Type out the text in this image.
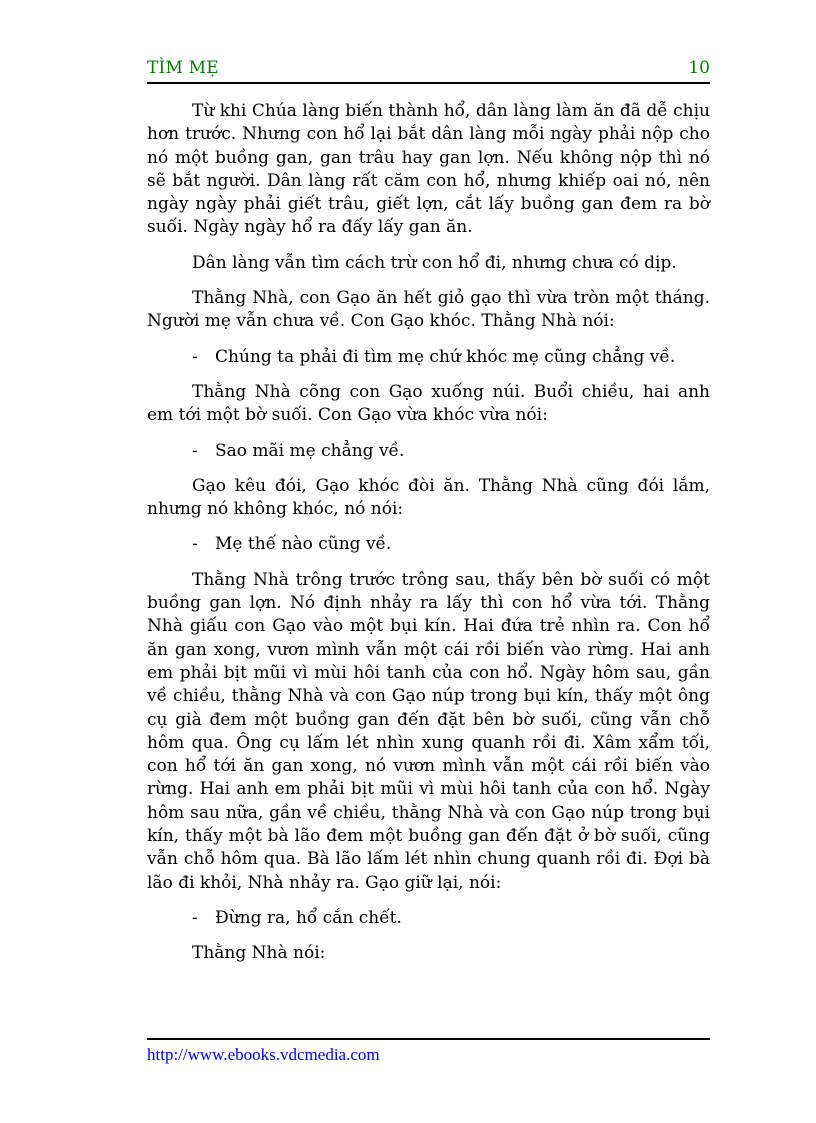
TÌM MẸ	10

Từ khi Chúa làng biến thành hổ, dân làng làm ăn đã dễ chịu hơn trước. Nhưng con hổ lại bắt dân làng mỗi ngày phải nộp cho nó một buồng gan, gan trâu hay gan lợn. Nếu không nộp thì nó sẽ bắt người. Dân làng rất căm con hổ, nhưng khiếp oai nó, nên ngày ngày phải giết trâu, giết lợn, cắt lấy buồng gan đem ra bờ suối. Ngày ngày hổ ra đấy lấy gan ăn.

Dân làng vẫn tìm cách trừ con hổ đi, nhưng chưa có dịp.

Thằng Nhà, con Gạo ăn hết giỏ gạo thì vừa tròn một tháng. Người mẹ vẫn chưa về. Con Gạo khóc. Thằng Nhà nói:

-	Chúng ta phải đi tìm mẹ chứ khóc mẹ cũng chẳng về.

Thằng Nhà cõng con Gạo xuống núi. Buổi chiều, hai anh em tới một bờ suối. Con Gạo vừa khóc vừa nói:

-	Sao mãi mẹ chẳng về.

Gạo kêu đói, Gạo khóc đòi ăn. Thằng Nhà cũng đói lắm, nhưng nó không khóc, nó nói:

-	Mẹ thế nào cũng về.

Thằng Nhà trông trước trông sau, thấy bên bờ suối có một buồng gan lợn. Nó định nhảy ra lấy thì con hổ vừa tới. Thằng Nhà giấu con Gạo vào một bụi kín. Hai đứa trẻ nhìn ra. Con hổ ăn gan xong, vươn mình vẫn một cái rồi biến vào rừng. Hai anh em phải bịt mũi vì mùi hôi tanh của con hổ. Ngày hôm sau, gần về chiều, thằng Nhà và con Gạo núp trong bụi kín, thấy một ông cụ già đem một buồng gan đến đặt bên bờ suối, cũng vẫn chỗ hôm qua. Ông cụ lấm lét nhìn xung quanh rồi đi. Xâm xẩm tối, con hổ tới ăn gan xong, nó vươn mình vẫn một cái rồi biến vào rừng. Hai anh em phải bịt mũi vì mùi hôi tanh của con hổ. Ngày hôm sau nữa, gần về chiều, thằng Nhà và con Gạo núp trong bụi kín, thấy một bà lão đem một buồng gan đến đặt ở bờ suối, cũng vẫn chỗ hôm qua. Bà lão lấm lét nhìn chung quanh rồi đi. Đợi bà lão đi khỏi, Nhà nhảy ra. Gạo giữ lại, nói:

-	Đừng ra, hổ cắn chết.

Thằng Nhà nói:

http://www.ebooks.vdcmedia.com
